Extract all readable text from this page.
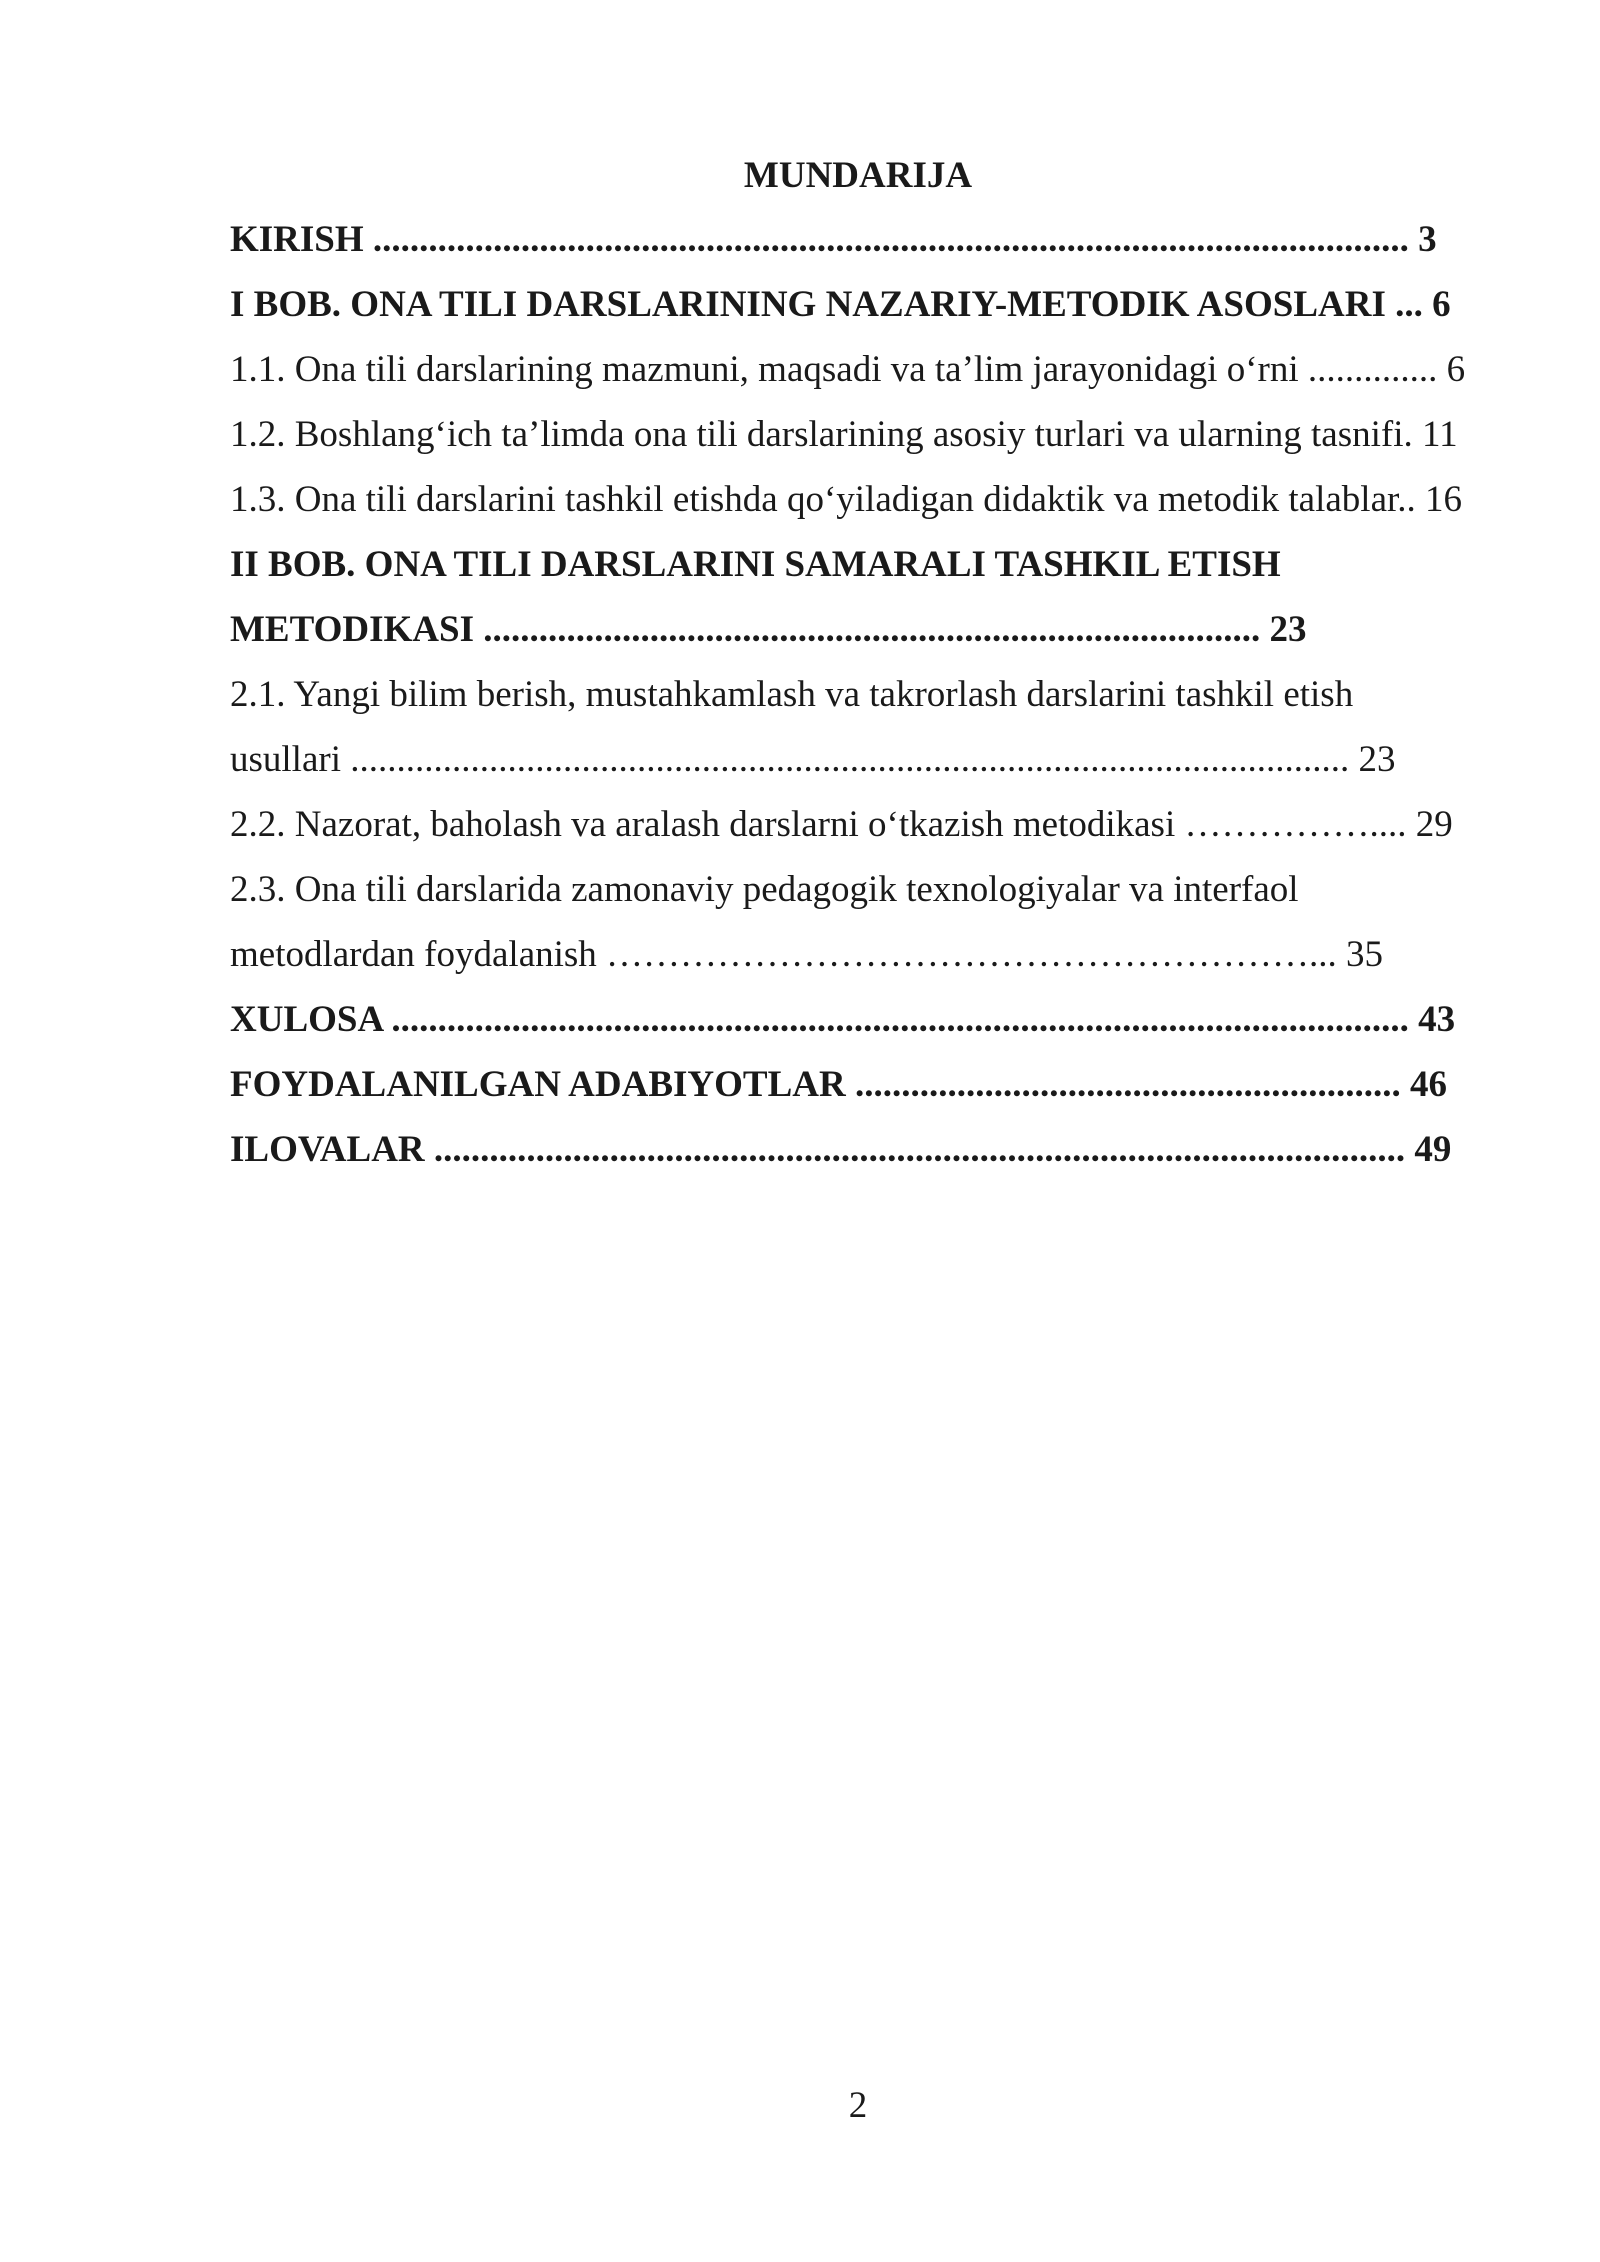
MUNDARIJA
KIRISH ................................................................................................................ 3
I BOB. ONA TILI DARSLARINING NAZARIY-METODIK ASOSLARI ... 6
1.1. Ona tili darslarining mazmuni, maqsadi va ta’lim jarayonidagi o‘rni .............. 6
1.2. Boshlang‘ich ta’limda ona tili darslarining asosiy turlari va ularning tasnifi. 11
1.3. Ona tili darslarini tashkil etishda qo‘yiladigan didaktik va metodik talablar.. 16
II BOB. ONA TILI DARSLARINI SAMARALI TASHKIL ETISH
METODIKASI .................................................................................... 23
2.1. Yangi bilim berish, mustahkamlash va takrorlash darslarini tashkil etish
usullari ............................................................................................................ 23
2.2. Nazorat, baholash va aralash darslarni o‘tkazish metodikasi …………….... 29
2.3. Ona tili darslarida zamonaviy pedagogik texnologiyalar va interfaol
metodlardan foydalanish …………………………………………………... 35
XULOSA .............................................................................................................. 43
FOYDALANILGAN ADABIYOTLAR ........................................................... 46
ILOVALAR ......................................................................................................... 49
2
